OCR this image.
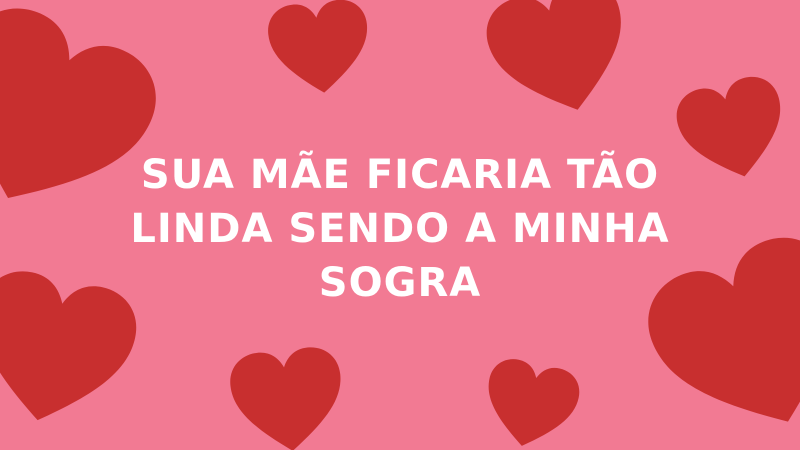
SUA MÃE FICARIA TÃO
LINDA SENDO A MINHA
SOGRA
